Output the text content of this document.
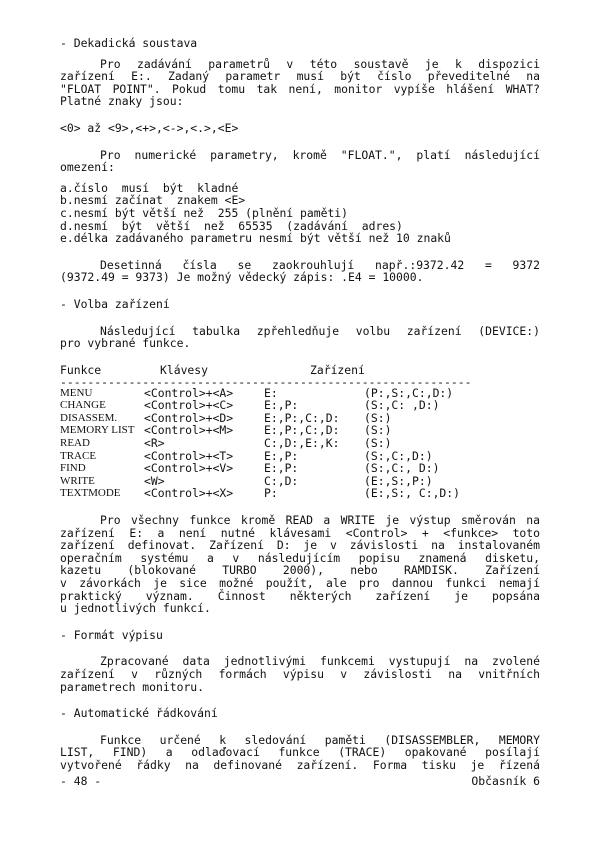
- Dekadická soustava
Pro zadávání parametrů v této soustavě je k dispozici
zařízení E:. Zadaný parametr musí být číslo převeditelné na
"FLOAT POINT". Pokud tomu tak není, monitor vypíše hlášení WHAT?
Platné znaky jsou:
<0> až <9>,<+>,<->,<.>,<E>
Pro numerické parametry, kromě "FLOAT.", platí následující
omezení:
a.číslo  musí  být  kladné
b.nesmí začínat  znakem <E>
c.nesmí být větší než  255 (plnění paměti)
d.nesmí  být  větší  než  65535  (zadávání  adres)
e.délka zadávaného parametru nesmí být větší než 10 znaků
Desetinná čísla se zaokrouhlují např.:9372.42 = 9372
(9372.49 = 9373) Je možný vědecký zápis: .E4 = 10000.
- Volba zařízení
Následující tabulka zpřehledňuje volbu zařízení (DEVICE:)
pro vybrané funkce.
Funkce	Klávesy	Zařízení
------------------------------------------------------------
MENU	<Control>+<A>	E:	(P:,S:,C:,D:)
CHANGE	<Control>+<C>	E:,P:	(S:,C: ,D:)
DISASSEM.	<Control>+<D>	E:,P:,C:,D:	(S:)
MEMORY LIST	<Control>+<M>	E:,P:,C:,D:	(S:)
READ	<R>	C:,D:,E:,K:	(S:)
TRACE	<Control>+<T>	E:,P:	(S:,C:,D:)
FIND	<Control>+<V>	E:,P:	(S:,C:, D:)
WRITE	<W>	C:,D:	(E:,S:,P:)
TEXTMODE	<Control>+<X>	P:	(E:,S:, C:,D:)
Pro všechny funkce kromě READ a WRITE je výstup směrován na
zařízení E: a není nutné klávesami <Control> + <funkce> toto
zařízení definovat. Zařízení D: je v závislosti na instalovaném
operačním systému a v následujícím popisu znamená disketu,
kazetu (blokované TURBO 2000), nebo RAMDISK. Zařízení
v závorkách je sice možné použít, ale pro dannou funkci nemají
praktický význam. Činnost některých zařízení je popsána
u jednotlivých funkcí.
- Formát výpisu
Zpracované data jednotlivými funkcemi vystupují na zvolené
zařízení v různých formách výpisu v závislosti na vnitřních
parametrech monitoru.
- Automatické řádkování
Funkce určené k sledování paměti (DISASSEMBLER, MEMORY
LIST, FIND) a odlaďovací funkce (TRACE) opakované posílají
vytvořené řádky na definované zařízení. Forma tisku je řízená
- 48 -	Občasník 6
